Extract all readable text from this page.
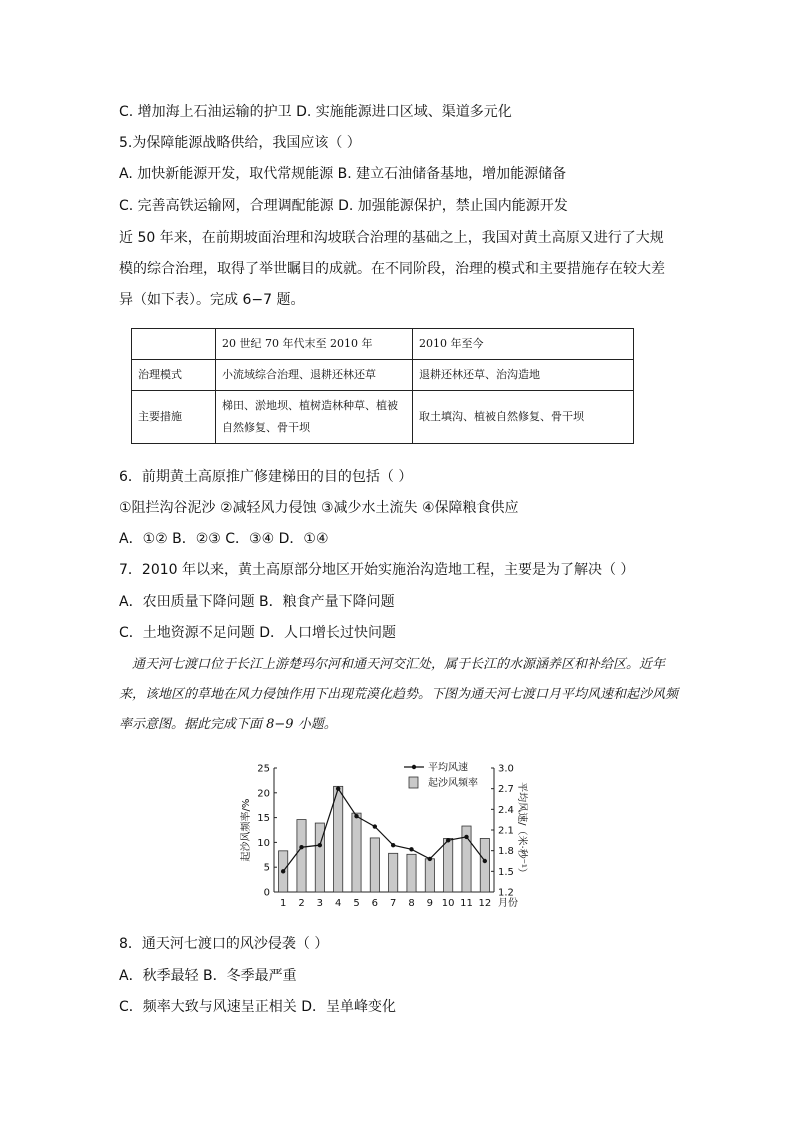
C. 增加海上石油运输的护卫 D. 实施能源进口区域、渠道多元化
5.为保障能源战略供给，我国应该（ ）
A. 加快新能源开发，取代常规能源 B. 建立石油储备基地，增加能源储备
C. 完善高铁运输网，合理调配能源 D. 加强能源保护，禁止国内能源开发
近 50 年来，在前期坡面治理和沟坡联合治理的基础之上，我国对黄土高原又进行了大规模的综合治理，取得了举世瞩目的成就。在不同阶段，治理的模式和主要措施存在较大差异（如下表）。完成 6−7 题。
	20 世纪 70 年代末至 2010 年	2010 年至今
治理模式	小流域综合治理、退耕还林还草	退耕还林还草、治沟造地
主要措施	梯田、淤地坝、植树造林种草、植被自然修复、骨干坝	取土填沟、植被自然修复、骨干坝
6．前期黄土高原推广修建梯田的目的包括（ ）
①阻拦沟谷泥沙 ②减轻风力侵蚀 ③减少水土流失 ④保障粮食供应
A．①② B．②③ C．③④ D．①④
7．2010 年以来，黄土高原部分地区开始实施治沟造地工程，主要是为了解决（ ）
A．农田质量下降问题 B．粮食产量下降问题
C．土地资源不足问题 D．人口增长过快问题
通天河七渡口位于长江上游楚玛尔河和通天河交汇处，属于长江的水源涵养区和补给区。近年来，该地区的草地在风力侵蚀作用下出现荒漠化趋势。下图为通天河七渡口月平均风速和起沙风频率示意图。据此完成下面 8−9 小题。
0
5
10
15
20
25
1.2
1.5
1.8
2.1
2.4
2.7
3.0
1 2 3 4 5 6 7 8 9 10 11 12 月份
起沙风频率/%	平均风速/（米·秒⁻¹）
平均风速
起沙风频率
8．通天河七渡口的风沙侵袭（ ）
A．秋季最轻 B．冬季最严重
C．频率大致与风速呈正相关 D．呈单峰变化
